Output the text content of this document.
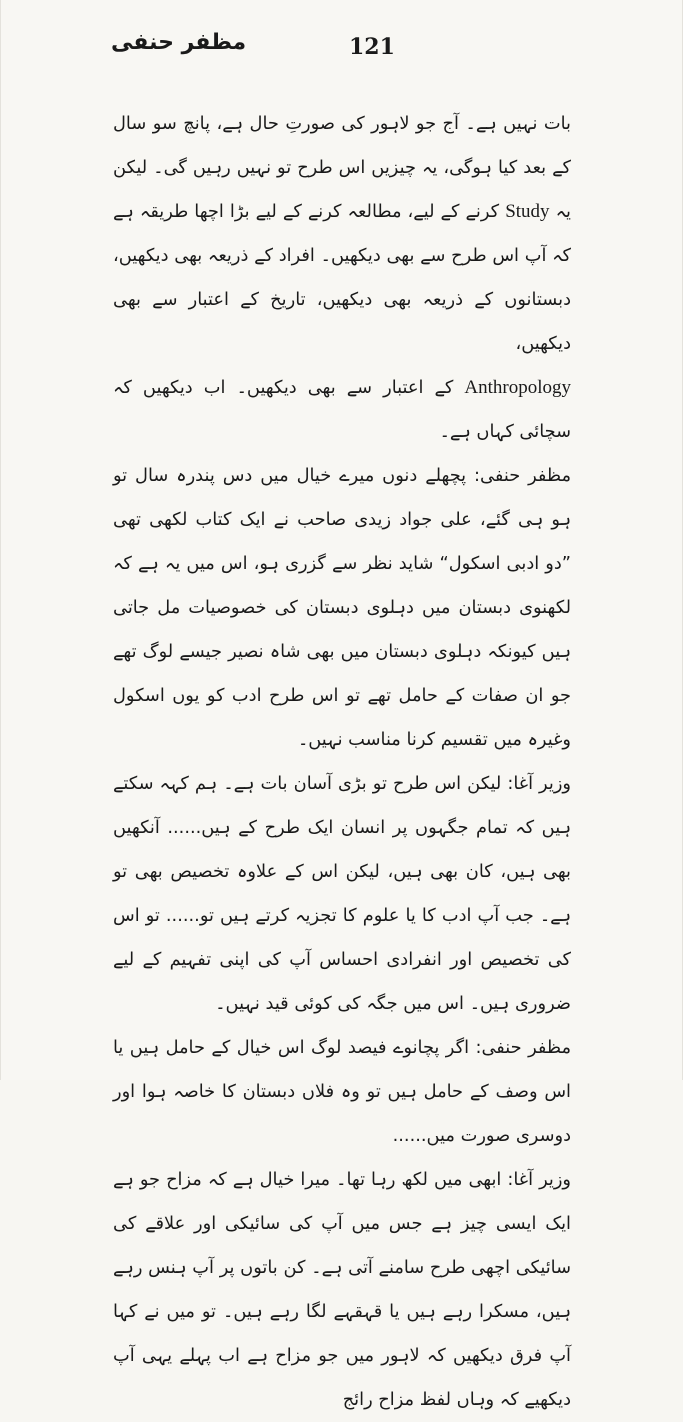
مظفر حنفی	121

بات نہیں ہے۔ آج جو لاہور کی صورتِ حال ہے، پانچ سو سال کے بعد کیا ہوگی، یہ چیزیں اس طرح تو نہیں رہیں گی۔ لیکن یہ Study کرنے کے لیے، مطالعہ کرنے کے لیے بڑا اچھا طریقہ ہے کہ آپ اس طرح سے بھی دیکھیں۔ افراد کے ذریعہ بھی دیکھیں، دبستانوں کے ذریعہ بھی دیکھیں، تاریخ کے اعتبار سے بھی دیکھیں،

Anthropology کے اعتبار سے بھی دیکھیں۔ اب دیکھیں کہ سچائی کہاں ہے۔

مظفر حنفی: پچھلے دنوں میرے خیال میں دس پندرہ سال تو ہو ہی گئے، علی جواد زیدی صاحب نے ایک کتاب لکھی تھی ”دو ادبی اسکول“ شاید نظر سے گزری ہو، اس میں یہ ہے کہ لکھنوی دبستان میں دہلوی دبستان کی خصوصیات مل جاتی ہیں کیونکہ دہلوی دبستان میں بھی شاہ نصیر جیسے لوگ تھے جو ان صفات کے حامل تھے تو اس طرح ادب کو یوں اسکول وغیرہ میں تقسیم کرنا مناسب نہیں۔

وزیر آغا: لیکن اس طرح تو بڑی آسان بات ہے۔ ہم کہہ سکتے ہیں کہ تمام جگہوں پر انسان ایک طرح کے ہیں...... آنکھیں بھی ہیں، کان بھی ہیں، لیکن اس کے علاوہ تخصیص بھی تو ہے۔ جب آپ ادب کا یا علوم کا تجزیہ کرتے ہیں تو...... تو اس کی تخصیص اور انفرادی احساس آپ کی اپنی تفہیم کے لیے ضروری ہیں۔ اس میں جگہ کی کوئی قید نہیں۔

مظفر حنفی: اگر پچانوے فیصد لوگ اس خیال کے حامل ہیں یا اس وصف کے حامل ہیں تو وہ فلاں دبستان کا خاصہ ہوا اور دوسری صورت میں......

وزیر آغا: ابھی میں لکھ رہا تھا۔ میرا خیال ہے کہ مزاح جو ہے ایک ایسی چیز ہے جس میں آپ کی سائیکی اور علاقے کی سائیکی اچھی طرح سامنے آتی ہے۔ کن باتوں پر آپ ہنس رہے ہیں، مسکرا رہے ہیں یا قہقہے لگا رہے ہیں۔ تو میں نے کہا آپ فرق دیکھیں کہ لاہور میں جو مزاح ہے اب پہلے یہی آپ دیکھیے کہ وہاں لفظ مزاح رائج
